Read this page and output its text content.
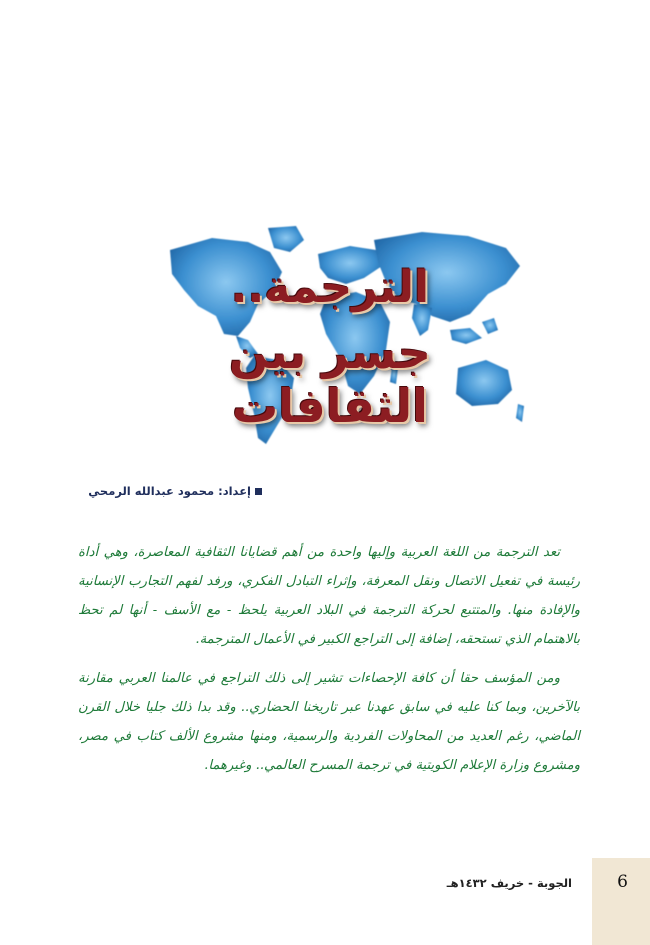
الترجمة..
جسر بين الثقافات
إعداد: محمود عبدالله الرمحي

تعد الترجمة من اللغة العربية وإليها واحدة من أهم قضايانا الثقافية المعاصرة، وهي أداة رئيسة في تفعيل الاتصال ونقل المعرفة، وإثراء التبادل الفكري، ورفد لفهم التجارب الإنسانية والإفادة منها. والمتتبع لحركة الترجمة في البلاد العربية يلحظ - مع الأسف - أنها لم تحظ بالاهتمام الذي تستحقه، إضافة إلى التراجع الكبير في الأعمال المترجمة.

ومن المؤسف حقا أن كافة الإحصاءات تشير إلى ذلك التراجع في عالمنا العربي مقارنة بالآخرين، وبما كنا عليه في سابق عهدنا عبر تاريخنا الحضاري.. وقد بدا ذلك جليا خلال القرن الماضي، رغم العديد من المحاولات الفردية والرسمية، ومنها مشروع الألف كتاب في مصر، ومشروع وزارة الإعلام الكويتية في ترجمة المسرح العالمي.. وغيرهما.

6
الجوبة - خريف ١٤٣٢هـ
